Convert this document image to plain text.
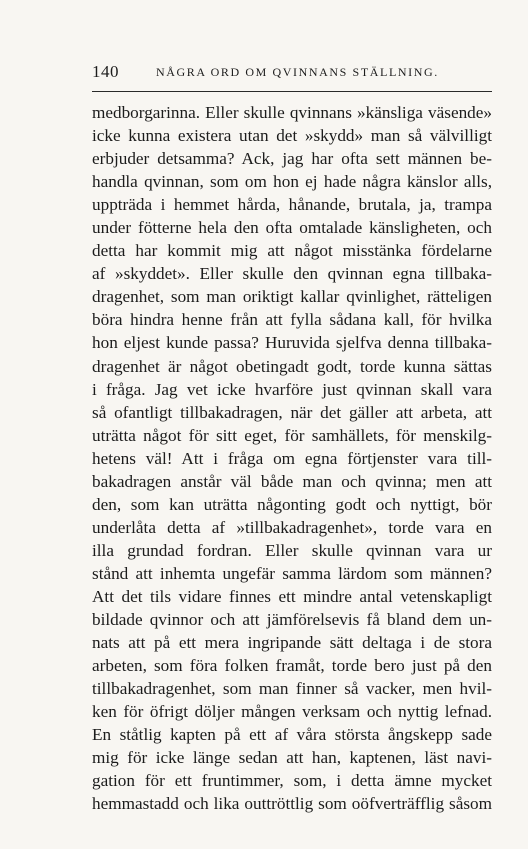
140	NÅGRA ORD OM QVINNANS STÄLLNING.
medborgarinna. Eller skulle qvinnans »känsliga väsende»
icke kunna existera utan det »skydd» man så välvilligt
erbjuder detsamma? Ack, jag har ofta sett männen be-
handla qvinnan, som om hon ej hade några känslor alls,
uppträda i hemmet hårda, hånande, brutala, ja, trampa
under fötterne hela den ofta omtalade känsligheten, och
detta har kommit mig att något misstänka fördelarne
af »skyddet». Eller skulle den qvinnan egna tillbaka-
dragenhet, som man oriktigt kallar qvinlighet, rätteligen
böra hindra henne från att fylla sådana kall, för hvilka
hon eljest kunde passa? Huruvida sjelfva denna tillbaka-
dragenhet är något obetingadt godt, torde kunna sättas
i fråga. Jag vet icke hvarföre just qvinnan skall vara
så ofantligt tillbakadragen, när det gäller att arbeta, att
uträtta något för sitt eget, för samhällets, för menskilg-
hetens väl! Att i fråga om egna förtjenster vara till-
bakadragen anstår väl både man och qvinna; men att
den, som kan uträtta någonting godt och nyttigt, bör
underlåta detta af »tillbakadragenhet», torde vara en
illa grundad fordran. Eller skulle qvinnan vara ur
stånd att inhemta ungefär samma lärdom som männen?
Att det tils vidare finnes ett mindre antal vetenskapligt
bildade qvinnor och att jämförelsevis få bland dem un-
nats att på ett mera ingripande sätt deltaga i de stora
arbeten, som föra folken framåt, torde bero just på den
tillbakadragenhet, som man finner så vacker, men hvil-
ken för öfrigt döljer mången verksam och nyttig lefnad.
En ståtlig kapten på ett af våra största ångskepp sade
mig för icke länge sedan att han, kaptenen, läst navi-
gation för ett fruntimmer, som, i detta ämne mycket
hemmastadd och lika outtröttlig som oöfverträfflig såsom
